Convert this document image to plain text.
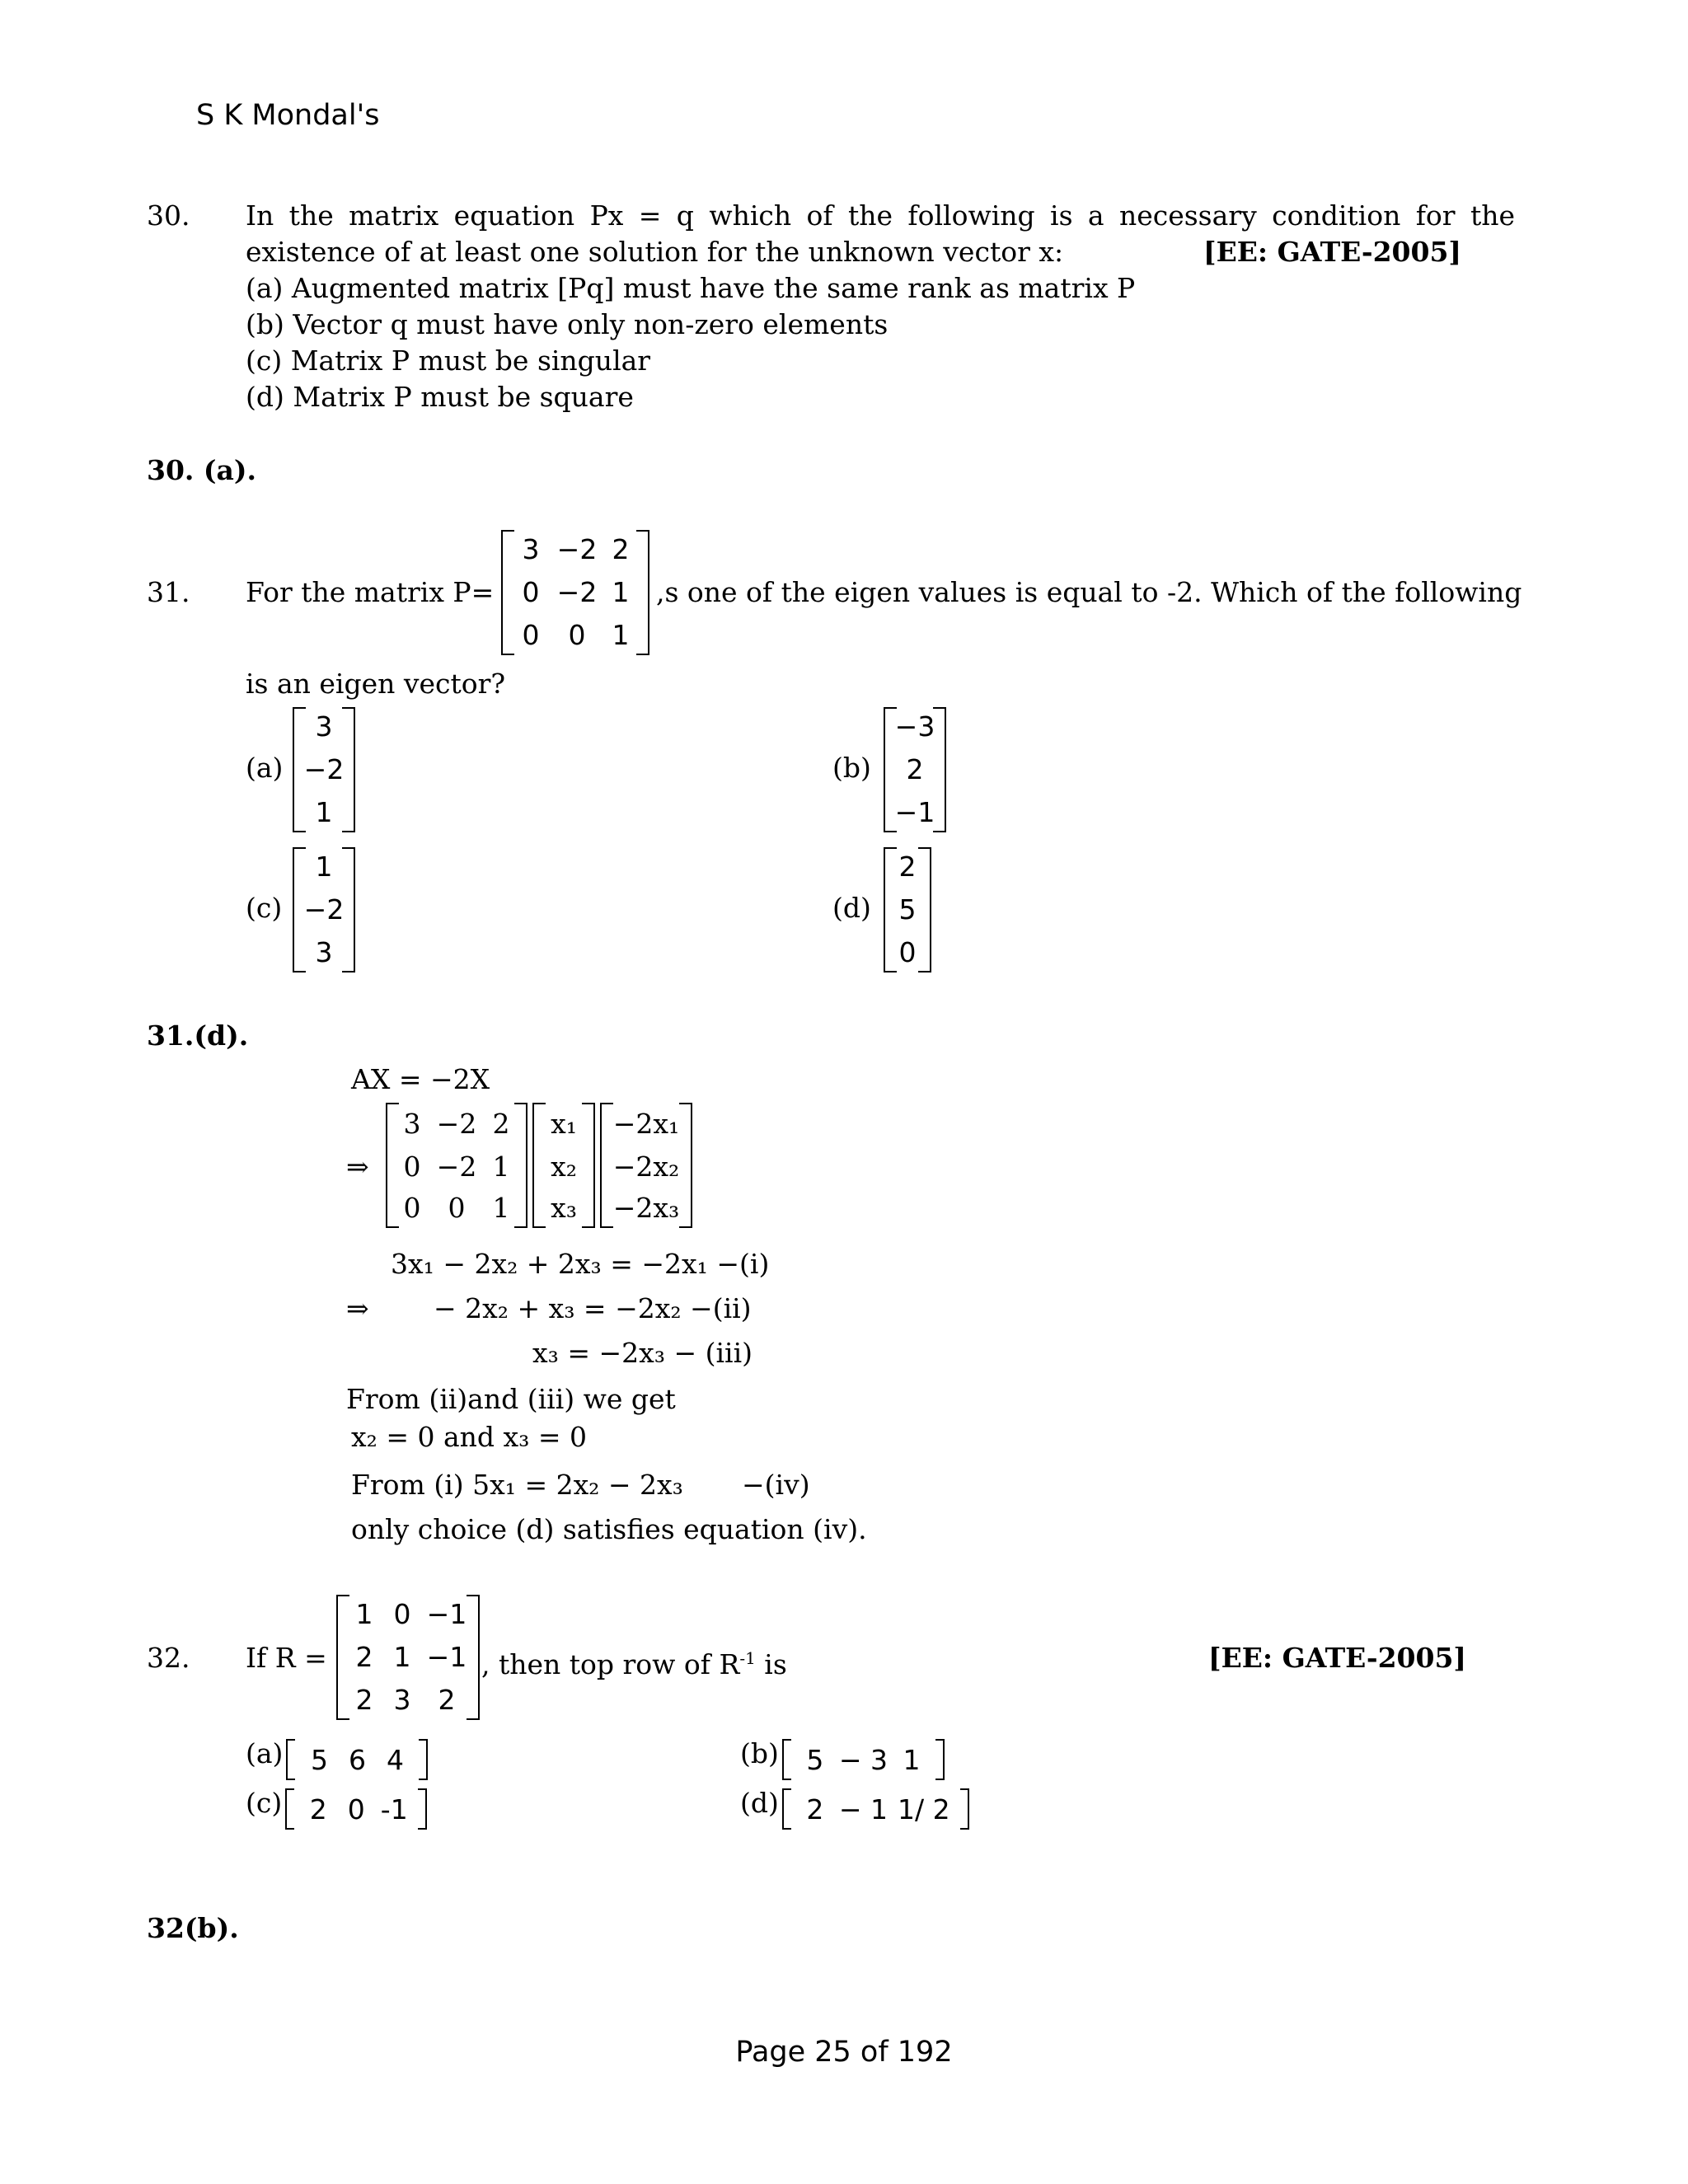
S K Mondal's
30. In the matrix equation Px = q which of the following is a necessary condition for the
existence of at least one solution for the unknown vector x:	[EE: GATE-2005]
(a) Augmented matrix [Pq] must have the same rank as matrix P
(b) Vector q must have only non-zero elements
(c) Matrix P must be singular
(d) Matrix P must be square
30. (a).
31. For the matrix P=
3 −2 2
0 −2 1
0	0 1
,s one of the eigen values is equal to -2. Which of the following
is an eigen vector?
(a)
3
−2
1
(b)
−3
2
−1
(c)
1
−2
3
(d)
2
5
0
31.(d).
AX = −2X
⇒
3 −2 2
0 −2 1
0	0	1
x₁
x₂
x₃
−2x₁
−2x₂
−2x₃
3x₁ − 2x₂ + 2x₃ = −2x₁ −(i)
⇒ − 2x₂ + x₃ = −2x₂ −(ii)
x₃ = −2x₃ − (iii)
From (ii)and (iii) we get
x₂ = 0 and x₃ = 0
From (i) 5x₁ = 2x₂ − 2x₃ −(iv)
only choice (d) satisfies equation (iv).
32. If R =
1 0 −1
2 1 −1
2 3	2
, then top row of $R^{-1}$ is	[EE: GATE-2005]
(a) 5 6 4	(b) 5 − 3 1
(c) 2 0 -1	(d) 2 − 1 1/ 2
32(b).
Page 25 of 192
